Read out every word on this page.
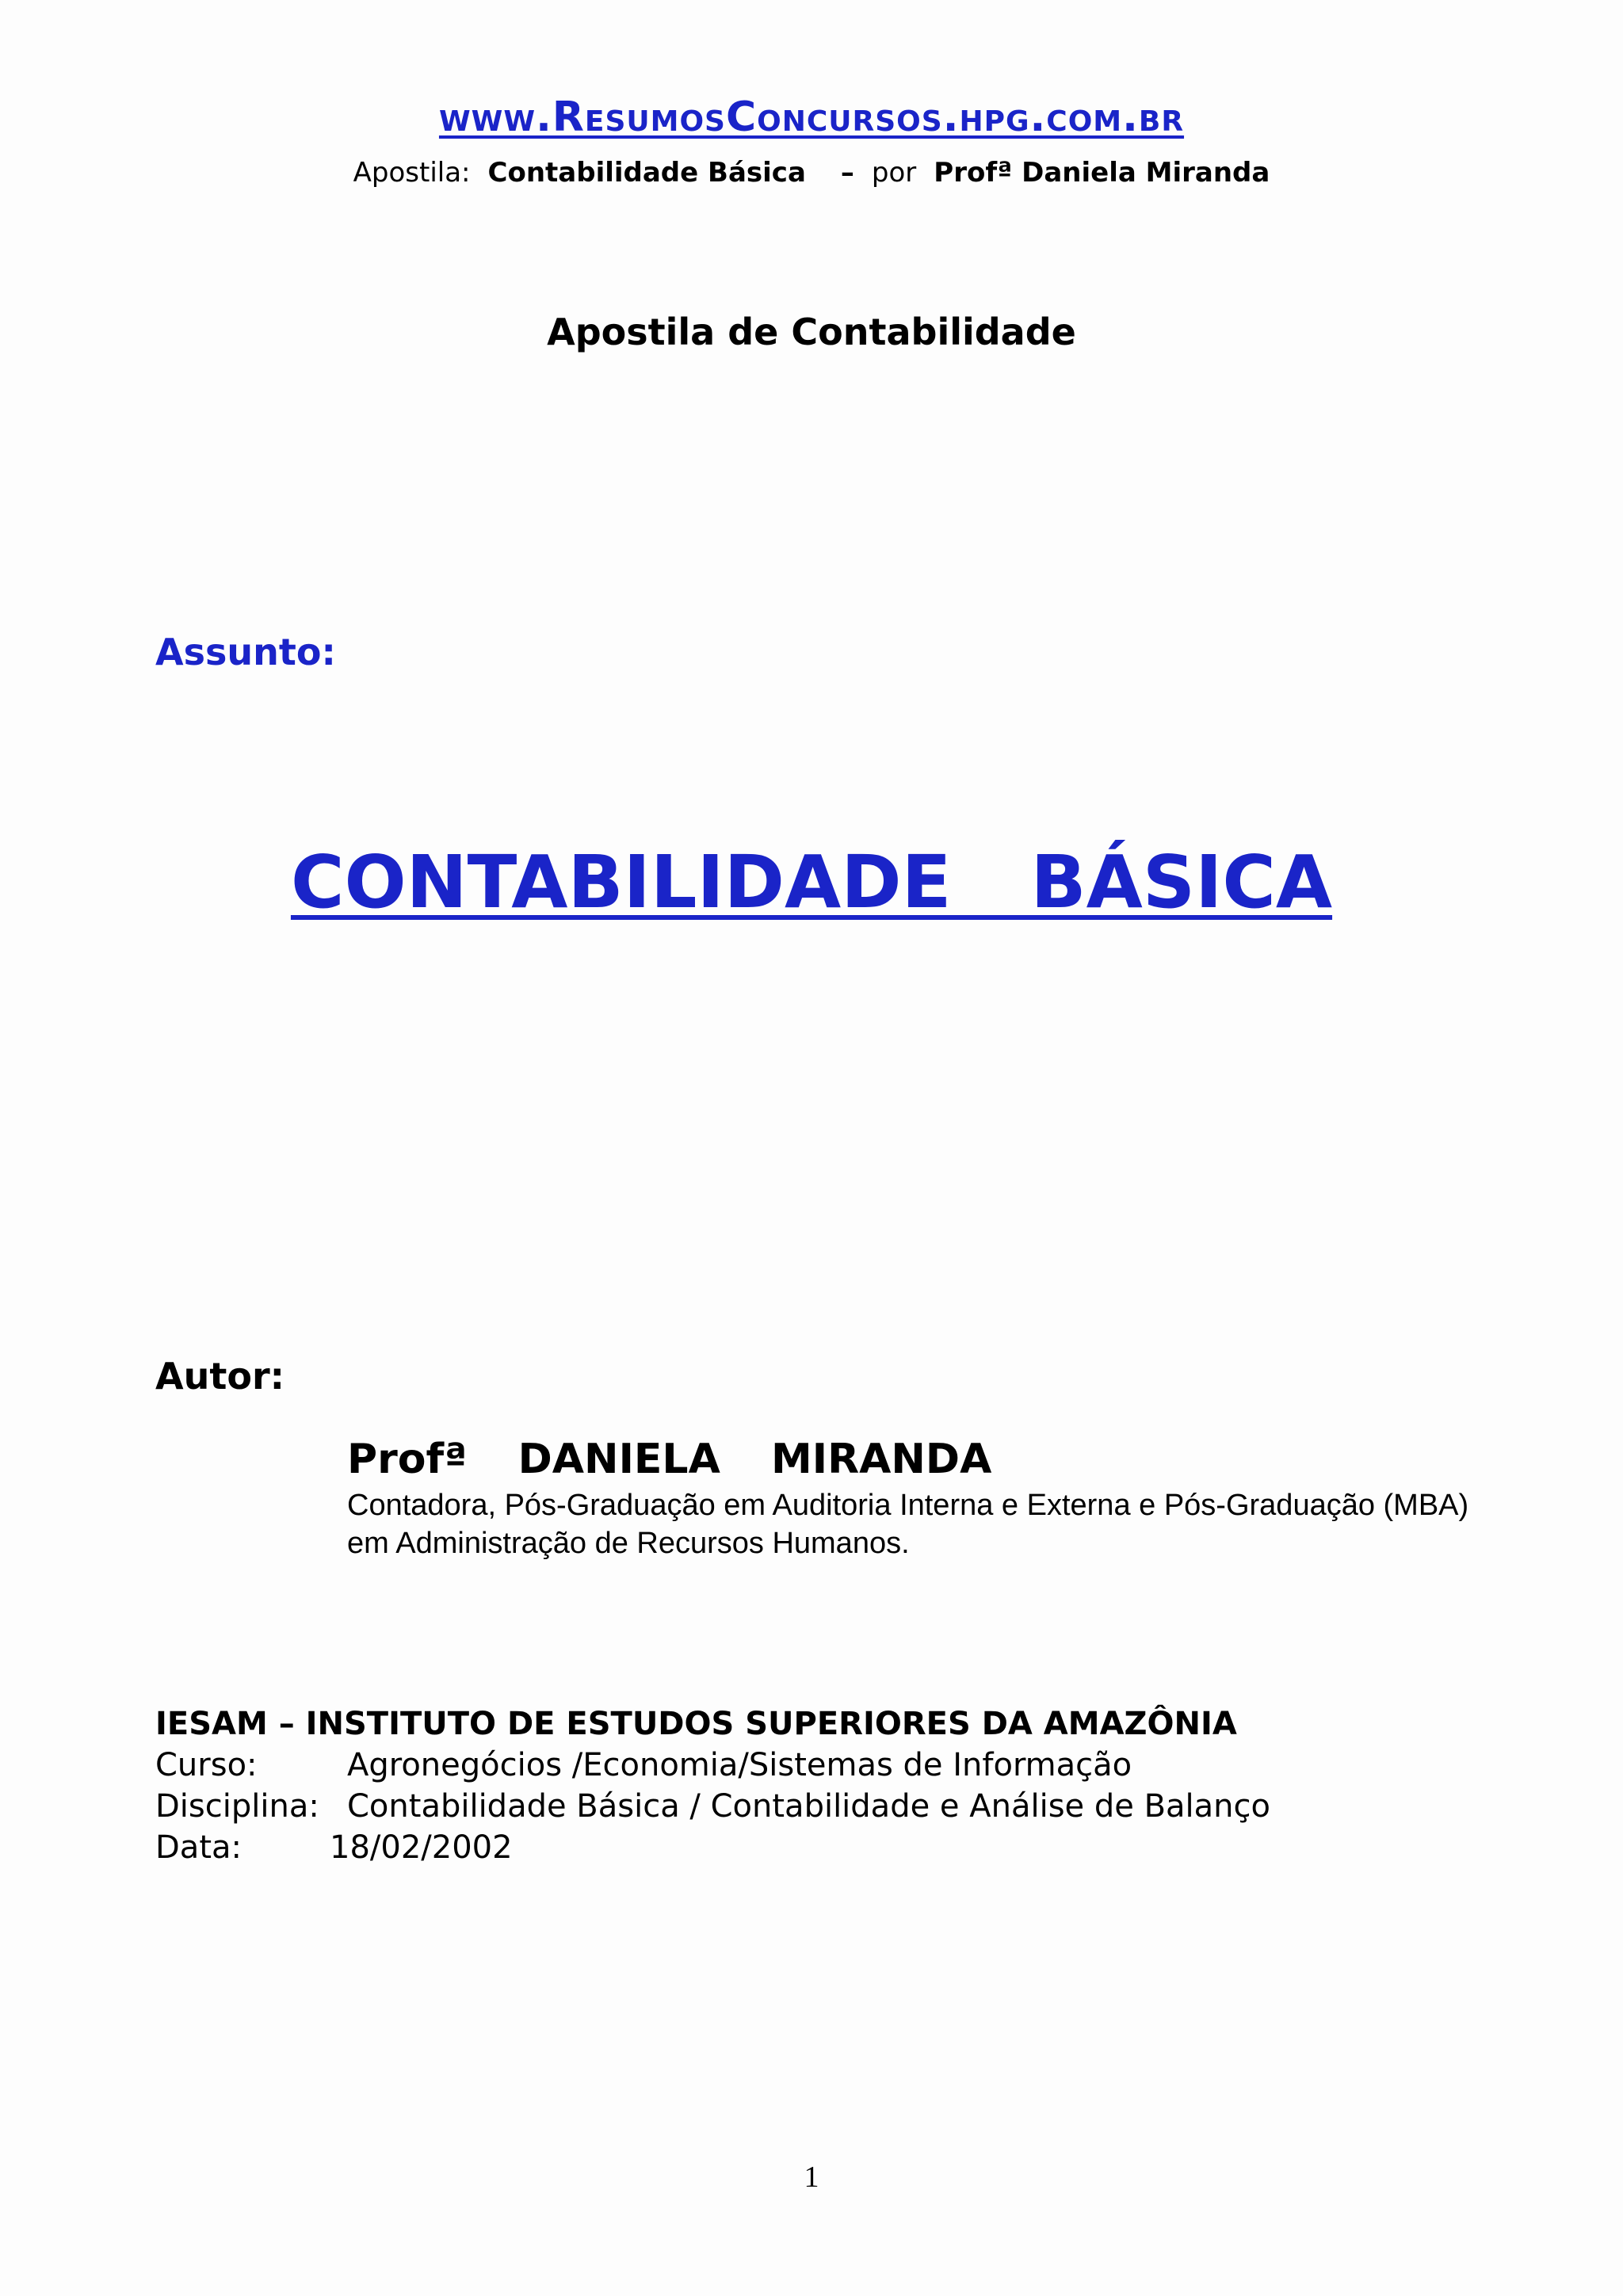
www.ResumosConcursos.hpg.com.br

Apostila: Contabilidade Básica – por Profª Daniela Miranda

Apostila de Contabilidade
Assunto:
CONTABILIDADE  BÁSICA
Autor:

Profª  DANIELA  MIRANDA

Contadora, Pós-Graduação em Auditoria Interna e Externa e Pós-Graduação (MBA) em Administração de Recursos Humanos.

IESAM – INSTITUTO DE ESTUDOS SUPERIORES DA AMAZÔNIA

Curso:	Agronegócios /Economia/Sistemas de Informação

Disciplina: Contabilidade Básica / Contabilidade e Análise de Balanço

Data:	18/02/2002

1
